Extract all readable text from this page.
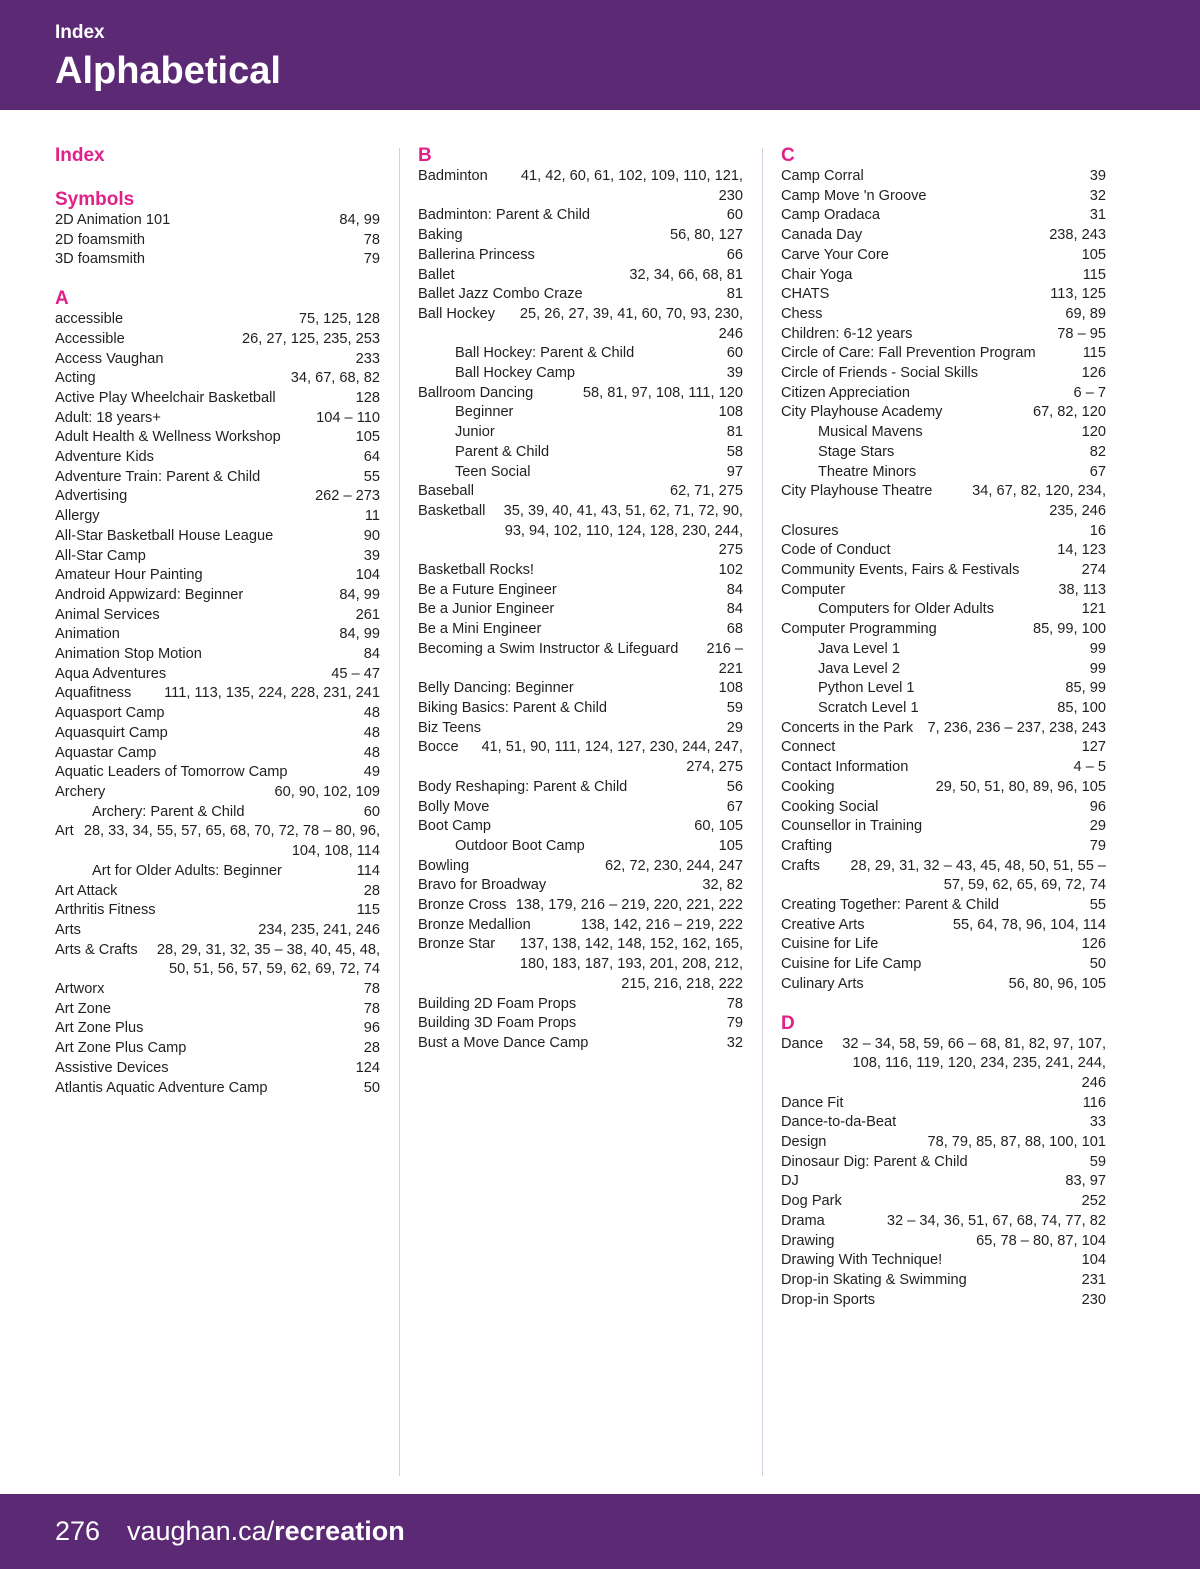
Index
Alphabetical
Index
Symbols
2D Animation 101	84, 99
2D foamsmith	78
3D foamsmith	79
A
accessible	75, 125, 128
Accessible	26, 27, 125, 235, 253
Access Vaughan	233
Acting	34, 67, 68, 82
Active Play Wheelchair Basketball	128
Adult: 18 years+	104 – 110
Adult Health & Wellness Workshop	105
Adventure Kids	64
Adventure Train: Parent & Child	55
Advertising	262 – 273
Allergy	11
All-Star Basketball House League	90
All-Star Camp	39
Amateur Hour Painting	104
Android Appwizard: Beginner	84, 99
Animal Services	261
Animation	84, 99
Animation Stop Motion	84
Aqua Adventures	45 – 47
Aquafitness	111, 113, 135, 224, 228, 231, 241
Aquasport Camp	48
Aquasquirt Camp	48
Aquastar Camp	48
Aquatic Leaders of Tomorrow Camp	49
Archery	60, 90, 102, 109
Archery: Parent & Child	60
Art 28, 33, 34, 55, 57, 65, 68, 70, 72, 78 – 80, 96, 104, 108, 114
Art for Older Adults: Beginner	114
Art Attack	28
Arthritis Fitness	115
Arts	234, 235, 241, 246
Arts & Crafts	28, 29, 31, 32, 35 – 38, 40, 45, 48, 50, 51, 56, 57, 59, 62, 69, 72, 74
Artworx	78
Art Zone	78
Art Zone Plus	96
Art Zone Plus Camp	28
Assistive Devices	124
Atlantis Aquatic Adventure Camp	50
B
Badminton	41, 42, 60, 61, 102, 109, 110, 121, 230
Badminton: Parent & Child	60
Baking	56, 80, 127
Ballerina Princess	66
Ballet	32, 34, 66, 68, 81
Ballet Jazz Combo Craze	81
Ball Hockey	25, 26, 27, 39, 41, 60, 70, 93, 230, 246
Ball Hockey: Parent & Child	60
Ball Hockey Camp	39
Ballroom Dancing	58, 81, 97, 108, 111, 120
Beginner	108
Junior	81
Parent & Child	58
Teen Social	97
Baseball	62, 71, 275
Basketball	35, 39, 40, 41, 43, 51, 62, 71, 72, 90, 93, 94, 102, 110, 124, 128, 230, 244, 275
Basketball Rocks!	102
Be a Future Engineer	84
Be a Junior Engineer	84
Be a Mini Engineer	68
Becoming a Swim Instructor & Lifeguard	216 – 221
Belly Dancing: Beginner	108
Biking Basics: Parent & Child	59
Biz Teens	29
Bocce	41, 51, 90, 111, 124, 127, 230, 244, 247, 274, 275
Body Reshaping: Parent & Child	56
Bolly Move	67
Boot Camp	60, 105
Outdoor Boot Camp	105
Bowling	62, 72, 230, 244, 247
Bravo for Broadway	32, 82
Bronze Cross 138, 179, 216 – 219, 220, 221, 222
Bronze Medallion	138, 142, 216 – 219, 222
Bronze Star	137, 138, 142, 148, 152, 162, 165, 180, 183, 187, 193, 201, 208, 212, 215, 216, 218, 222
Building 2D Foam Props	78
Building 3D Foam Props	79
Bust a Move Dance Camp	32
C
Camp Corral	39
Camp Move 'n Groove	32
Camp Oradaca	31
Canada Day	238, 243
Carve Your Core	105
Chair Yoga	115
CHATS	113, 125
Chess	69, 89
Children: 6-12 years	78 – 95
Circle of Care: Fall Prevention Program	115
Circle of Friends - Social Skills	126
Citizen Appreciation	6 – 7
City Playhouse Academy	67, 82, 120
Musical Mavens	120
Stage Stars	82
Theatre Minors	67
City Playhouse Theatre	34, 67, 82, 120, 234, 235, 246
Closures	16
Code of Conduct	14, 123
Community Events, Fairs & Festivals	274
Computer	38, 113
Computers for Older Adults	121
Computer Programming	85, 99, 100
Java Level 1	99
Java Level 2	99
Python Level 1	85, 99
Scratch Level 1	85, 100
Concerts in the Park 7, 236, 236 – 237, 238, 243
Connect	127
Contact Information	4 – 5
Cooking	29, 50, 51, 80, 89, 96, 105
Cooking Social	96
Counsellor in Training	29
Crafting	79
Crafts	28, 29, 31, 32 – 43, 45, 48, 50, 51, 55 – 57, 59, 62, 65, 69, 72, 74
Creating Together: Parent & Child	55
Creative Arts	55, 64, 78, 96, 104, 114
Cuisine for Life	126
Cuisine for Life Camp	50
Culinary Arts	56, 80, 96, 105
D
Dance	32 – 34, 58, 59, 66 – 68, 81, 82, 97, 107, 108, 116, 119, 120, 234, 235, 241, 244, 246
Dance Fit	116
Dance-to-da-Beat	33
Design	78, 79, 85, 87, 88, 100, 101
Dinosaur Dig: Parent & Child	59
DJ	83, 97
Dog Park	252
Drama	32 – 34, 36, 51, 67, 68, 74, 77, 82
Drawing	65, 78 – 80, 87, 104
Drawing With Technique!	104
Drop-in Skating & Swimming	231
Drop-in Sports	230
276 vaughan.ca/recreation
